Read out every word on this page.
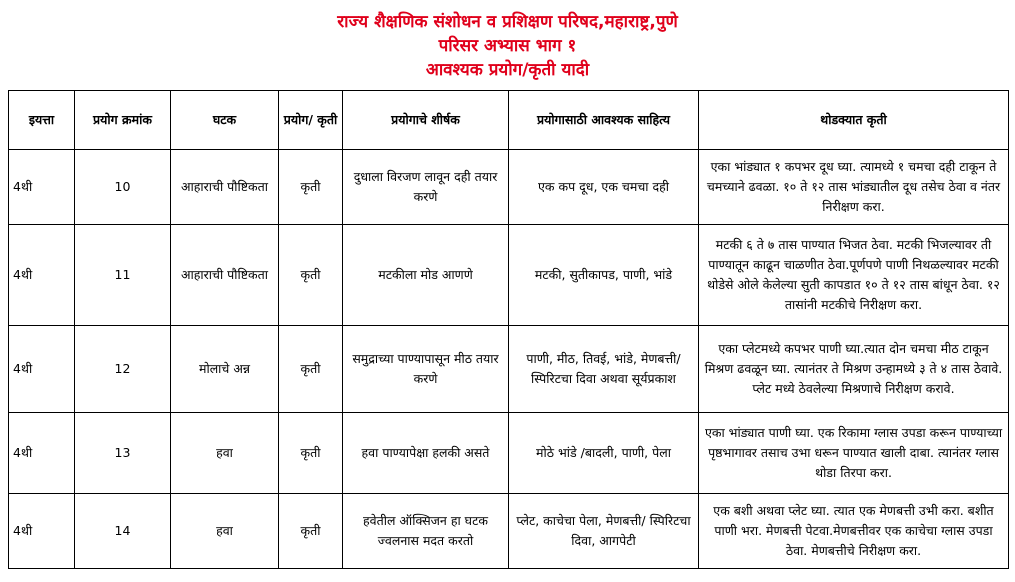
राज्य शैक्षणिक संशोधन व प्रशिक्षण परिषद,महाराष्ट्र,पुणे
परिसर अभ्यास भाग १
आवश्यक प्रयोग/कृती यादी
इयत्ता	प्रयोग क्रमांक	घटक	प्रयोग/ कृती	प्रयोगाचे शीर्षक	प्रयोगासाठी आवश्यक साहित्य	थोडक्यात कृती
4थी	10	आहाराची पौष्टिकता	कृती	दुधाला विरजण लावून दही तयार करणे	एक कप दूध, एक चमचा दही	एका भांड्यात १ कपभर दूध घ्या. त्यामध्ये १ चमचा दही टाकून ते चमच्याने ढवळा. १० ते १२ तास भांड्यातील दूध तसेच ठेवा व नंतर निरीक्षण करा.
4थी	11	आहाराची पौष्टिकता	कृती	मटकीला मोड आणणे	मटकी, सुतीकापड, पाणी, भांडे	मटकी ६ ते ७ तास पाण्यात भिजत ठेवा. मटकी भिजल्यावर ती पाण्यातून काढून चाळणीत ठेवा.पूर्णपणे पाणी निथळल्यावर मटकी थोडेसे ओले केलेल्या सुती कापडात १० ते १२ तास बांधून ठेवा. १२ तासांनी मटकीचे निरीक्षण करा.
4थी	12	मोलाचे अन्न	कृती	समुद्राच्या पाण्यापासून मीठ तयार करणे	पाणी, मीठ, तिवई, भांडे, मेणबत्ती/ स्पिरिटचा दिवा अथवा सूर्यप्रकाश	एका प्लेटमध्ये कपभर पाणी घ्या.त्यात दोन चमचा मीठ टाकून मिश्रण ढवळून घ्या. त्यानंतर ते मिश्रण उन्हामध्ये ३ ते ४ तास ठेवावे. प्लेट मध्ये ठेवलेल्या मिश्रणाचे निरीक्षण करावे.
4थी	13	हवा	कृती	हवा पाण्यापेक्षा हलकी असते	मोठे भांडे /बादली, पाणी, पेला	एका भांड्यात पाणी घ्या. एक रिकामा ग्लास उपडा करून पाण्याच्या पृष्ठभागावर तसाच उभा धरून पाण्यात खाली दाबा. त्यानंतर ग्लास थोडा तिरपा करा.
4थी	14	हवा	कृती	हवेतील ऑक्सिजन हा घटक ज्वलनास मदत करतो	प्लेट, काचेचा पेला, मेणबत्ती/ स्पिरिटचा दिवा, आगपेटी	एक बशी अथवा प्लेट घ्या. त्यात एक मेणबत्ती उभी करा. बशीत पाणी भरा. मेणबत्ती पेटवा.मेणबत्तीवर एक काचेचा ग्लास उपडा ठेवा. मेणबत्तीचे निरीक्षण करा.
